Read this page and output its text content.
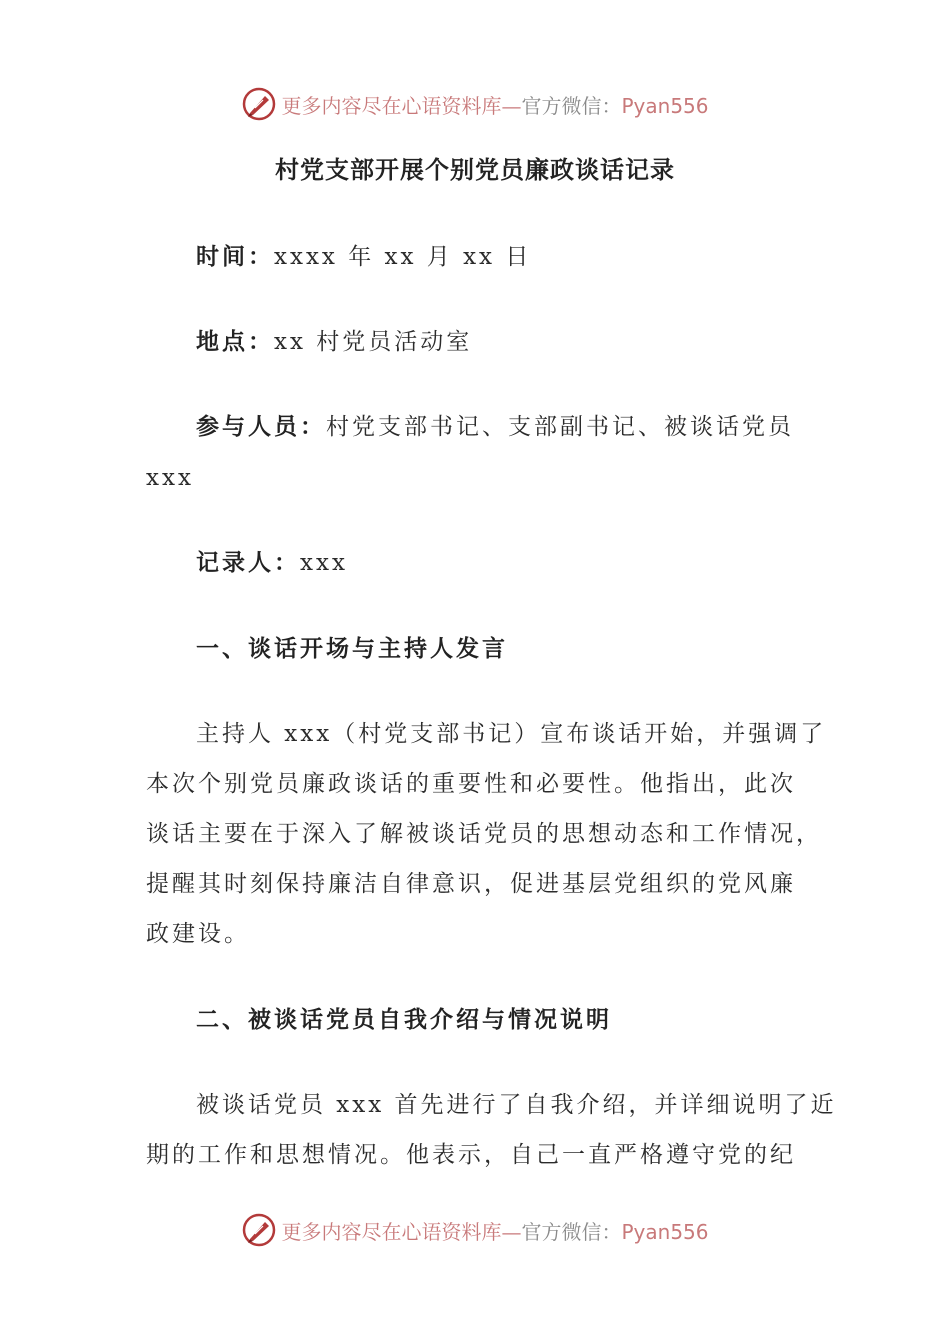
更多内容尽在心语资料库—官方微信：Pyan556
村党支部开展个别党员廉政谈话记录
时间：xxxx 年 xx 月 xx 日
地点：xx 村党员活动室
参与人员：村党支部书记、支部副书记、被谈话党员
xxx
记录人：xxx
一、谈话开场与主持人发言
主持人 xxx（村党支部书记）宣布谈话开始，并强调了
本次个别党员廉政谈话的重要性和必要性。他指出，此次
谈话主要在于深入了解被谈话党员的思想动态和工作情况，
提醒其时刻保持廉洁自律意识，促进基层党组织的党风廉
政建设。
二、被谈话党员自我介绍与情况说明
被谈话党员 xxx 首先进行了自我介绍，并详细说明了近
期的工作和思想情况。他表示，自己一直严格遵守党的纪
更多内容尽在心语资料库—官方微信：Pyan556
